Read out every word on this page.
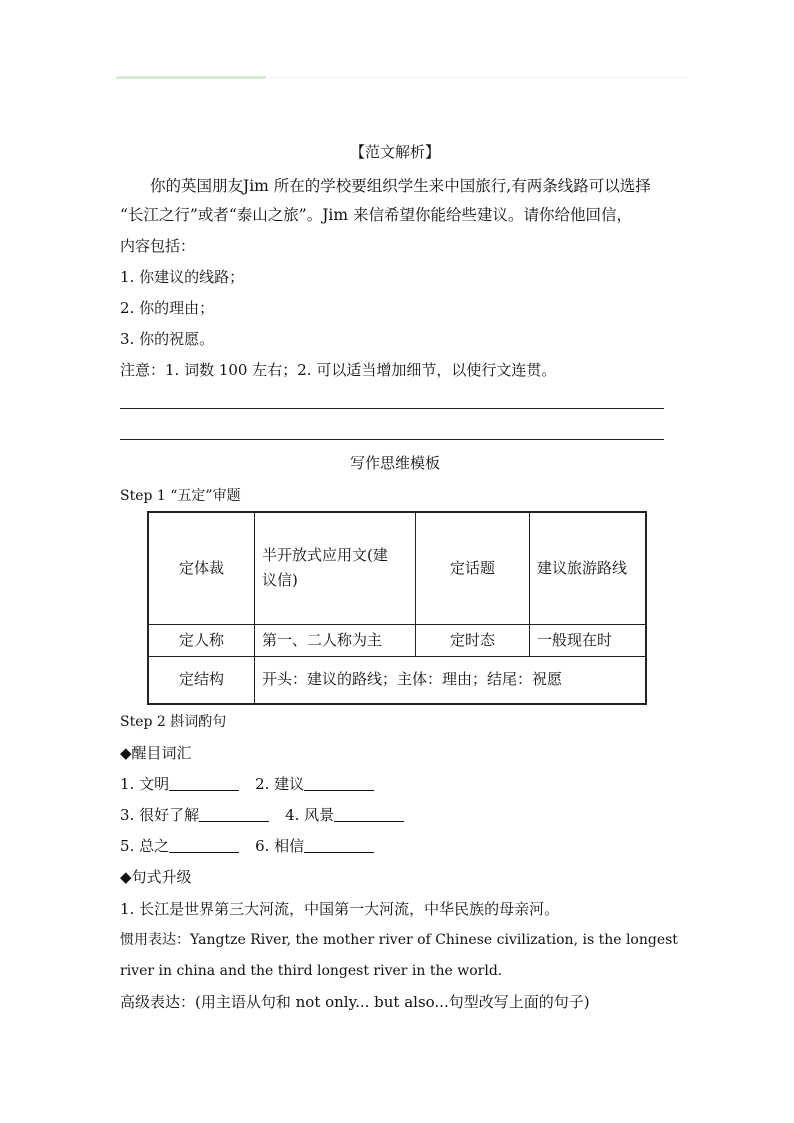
【范文解析】
你的英国朋友Jim 所在的学校要组织学生来中国旅行,有两条线路可以选择
“长江之行”或者“泰山之旅”。Jim 来信希望你能给些建议。请你给他回信，
内容包括：
1. 你建议的线路；
2. 你的理由；
3. 你的祝愿。
注意：1. 词数 100 左右；2. 可以适当增加细节，以使行文连贯。
写作思维模板
Step 1 “五定”审题
定体裁	半开放式应用文(建
议信)	定话题	建议旅游路线
定人称	第一、二人称为主	定时态	一般现在时
定结构	开头：建议的路线；主体：理由；结尾：祝愿		
Step 2 斟词酌句
◆醒目词汇
1. 文明	2. 建议
3. 很好了解	4. 风景
5. 总之	6. 相信
◆句式升级
1. 长江是世界第三大河流，中国第一大河流，中华民族的母亲河。
惯用表达：Yangtze River, the mother river of Chinese civilization, is the longest
river in china and the third longest river in the world.
高级表达：(用主语从句和 not only... but also...句型改写上面的句子)
